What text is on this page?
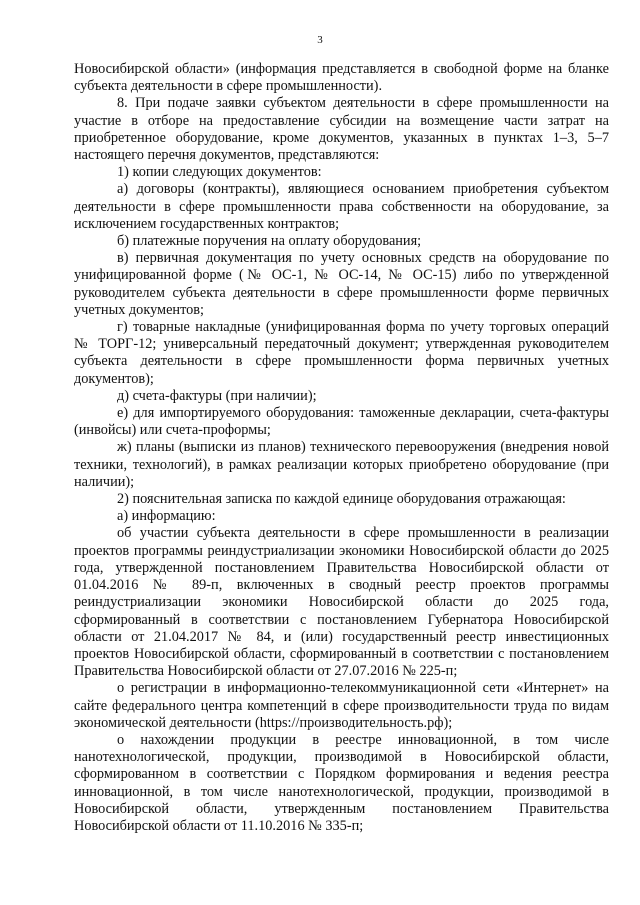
3

Новосибирской области» (информация представляется в свободной форме на бланке субъекта деятельности в сфере промышленности).

8. При подаче заявки субъектом деятельности в сфере промышленности на участие в отборе на предоставление субсидии на возмещение части затрат на приобретенное оборудование, кроме документов, указанных в пунктах 1–3, 5–7 настоящего перечня документов, представляются:

1) копии следующих документов:

а) договоры (контракты), являющиеся основанием приобретения субъектом деятельности в сфере промышленности права собственности на оборудование, за исключением государственных контрактов;

б) платежные поручения на оплату оборудования;

в) первичная документация по учету основных средств на оборудование по унифицированной форме (№ ОС-1, № ОС-14, № ОС-15) либо по утвержденной руководителем субъекта деятельности в сфере промышленности форме первичных учетных документов;

г) товарные накладные (унифицированная форма по учету торговых операций № ТОРГ-12; универсальный передаточный документ; утвержденная руководителем субъекта деятельности в сфере промышленности форма первичных учетных документов);

д) счета-фактуры (при наличии);

е) для импортируемого оборудования: таможенные декларации, счета-фактуры (инвойсы) или счета-проформы;

ж) планы (выписки из планов) технического перевооружения (внедрения новой техники, технологий), в рамках реализации которых приобретено оборудование (при наличии);

2) пояснительная записка по каждой единице оборудования отражающая:

а) информацию:

об участии субъекта деятельности в сфере промышленности в реализации проектов программы реиндустриализации экономики Новосибирской области до 2025 года, утвержденной постановлением Правительства Новосибирской области от 01.04.2016 № 89-п, включенных в сводный реестр проектов программы реиндустриализации экономики Новосибирской области до 2025 года, сформированный в соответствии с постановлением Губернатора Новосибирской области от 21.04.2017 № 84, и (или) государственный реестр инвестиционных проектов Новосибирской области, сформированный в соответствии с постановлением Правительства Новосибирской области от 27.07.2016 № 225-п;

о регистрации в информационно-телекоммуникационной сети «Интернет» на сайте федерального центра компетенций в сфере производительности труда по видам экономической деятельности (https://производительность.рф);

о нахождении продукции в реестре инновационной, в том числе нанотехнологической, продукции, производимой в Новосибирской области, сформированном в соответствии с Порядком формирования и ведения реестра инновационной, в том числе нанотехнологической, продукции, производимой в Новосибирской области, утвержденным постановлением Правительства Новосибирской области от 11.10.2016 № 335-п;
